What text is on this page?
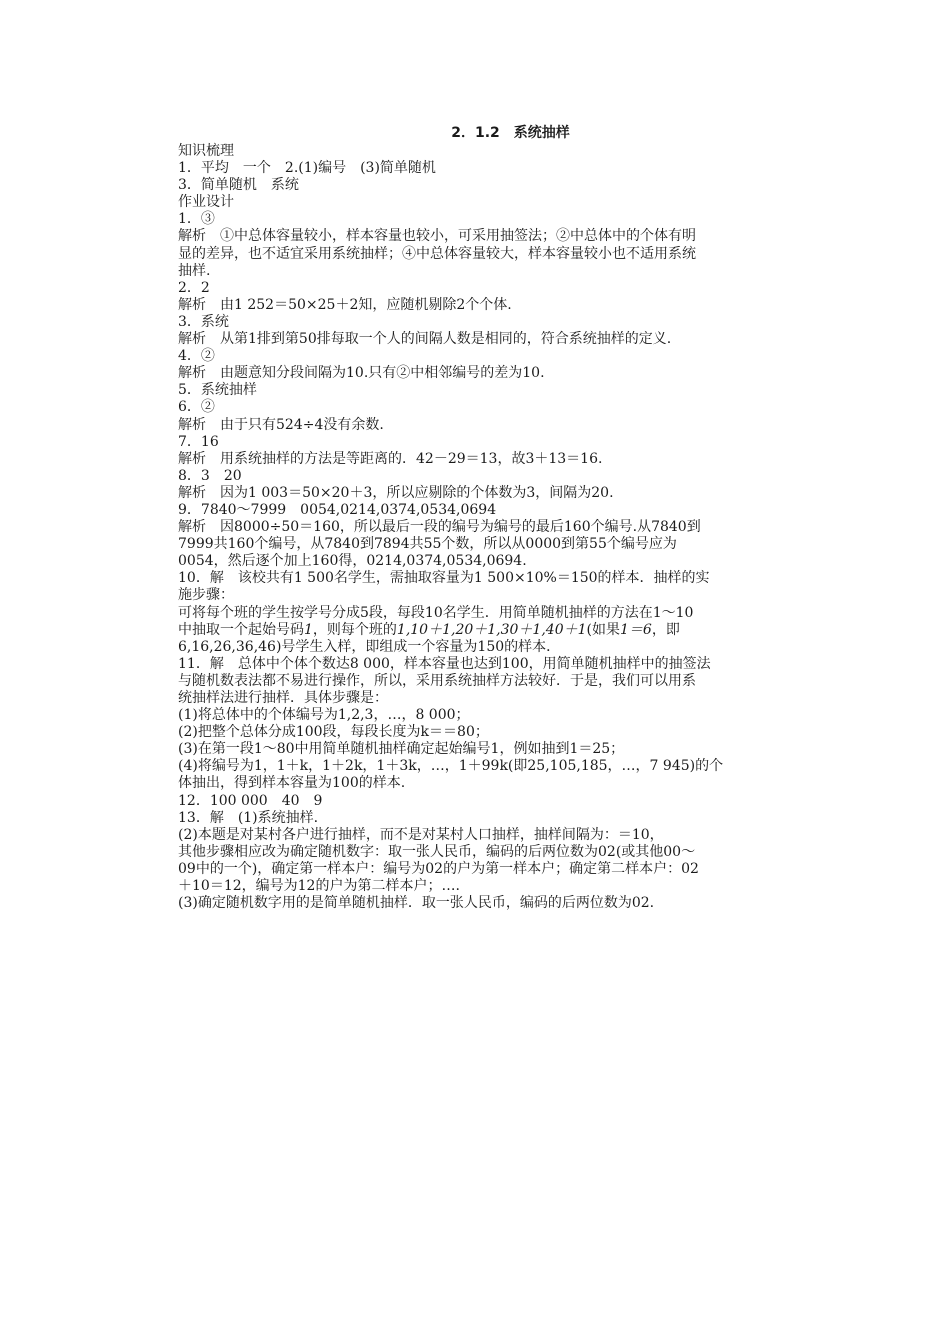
2．1.2　系统抽样
知识梳理
1．平均　一个　2.(1)编号　(3)简单随机
3．简单随机　系统
作业设计
1．③
解析　①中总体容量较小，样本容量也较小，可采用抽签法；②中总体中的个体有明
显的差异，也不适宜采用系统抽样；④中总体容量较大，样本容量较小也不适用系统
抽样.
2．2
解析　由1 252＝50×25＋2知，应随机剔除2个个体.
3．系统
解析　从第1排到第50排每取一个人的间隔人数是相同的，符合系统抽样的定义.
4．②
解析　由题意知分段间隔为10.只有②中相邻编号的差为10.
5．系统抽样
6．②
解析　由于只有524÷4没有余数.
7．16
解析　用系统抽样的方法是等距离的．42－29＝13，故3＋13＝16.
8．3　20
解析　因为1 003＝50×20＋3，所以应剔除的个体数为3，间隔为20.
9．7840～7999　0054,0214,0374,0534,0694
解析　因8000÷50＝160，所以最后一段的编号为编号的最后160个编号.从7840到
7999共160个编号，从7840到7894共55个数，所以从0000到第55个编号应为
0054，然后逐个加上160得，0214,0374,0534,0694.
10．解　该校共有1 500名学生，需抽取容量为1 500×10%＝150的样本．抽样的实
施步骤：
可将每个班的学生按学号分成5段，每段10名学生．用简单随机抽样的方法在1～10
中抽取一个起始号码1，则每个班的1,10＋1,20＋1,30＋1,40＋1(如果1＝6，即
6,16,26,36,46)号学生入样，即组成一个容量为150的样本．
11．解　总体中个体个数达8 000，样本容量也达到100，用简单随机抽样中的抽签法
与随机数表法都不易进行操作，所以，采用系统抽样方法较好．于是，我们可以用系
统抽样法进行抽样．具体步骤是：
(1)将总体中的个体编号为1,2,3，…，8 000；
(2)把整个总体分成100段，每段长度为k＝＝80；
(3)在第一段1～80中用简单随机抽样确定起始编号1，例如抽到1＝25；
(4)将编号为1，1＋k，1＋2k，1＋3k，…，1＋99k(即25,105,185，…，7 945)的个
体抽出，得到样本容量为100的样本.
12．100 000　40　9
13．解　(1)系统抽样.
(2)本题是对某村各户进行抽样，而不是对某村人口抽样，抽样间隔为：＝10，
其他步骤相应改为确定随机数字：取一张人民币，编码的后两位数为02(或其他00～
09中的一个)，确定第一样本户：编号为02的户为第一样本户；确定第二样本户：02
＋10＝12，编号为12的户为第二样本户；….
(3)确定随机数字用的是简单随机抽样．取一张人民币，编码的后两位数为02.
